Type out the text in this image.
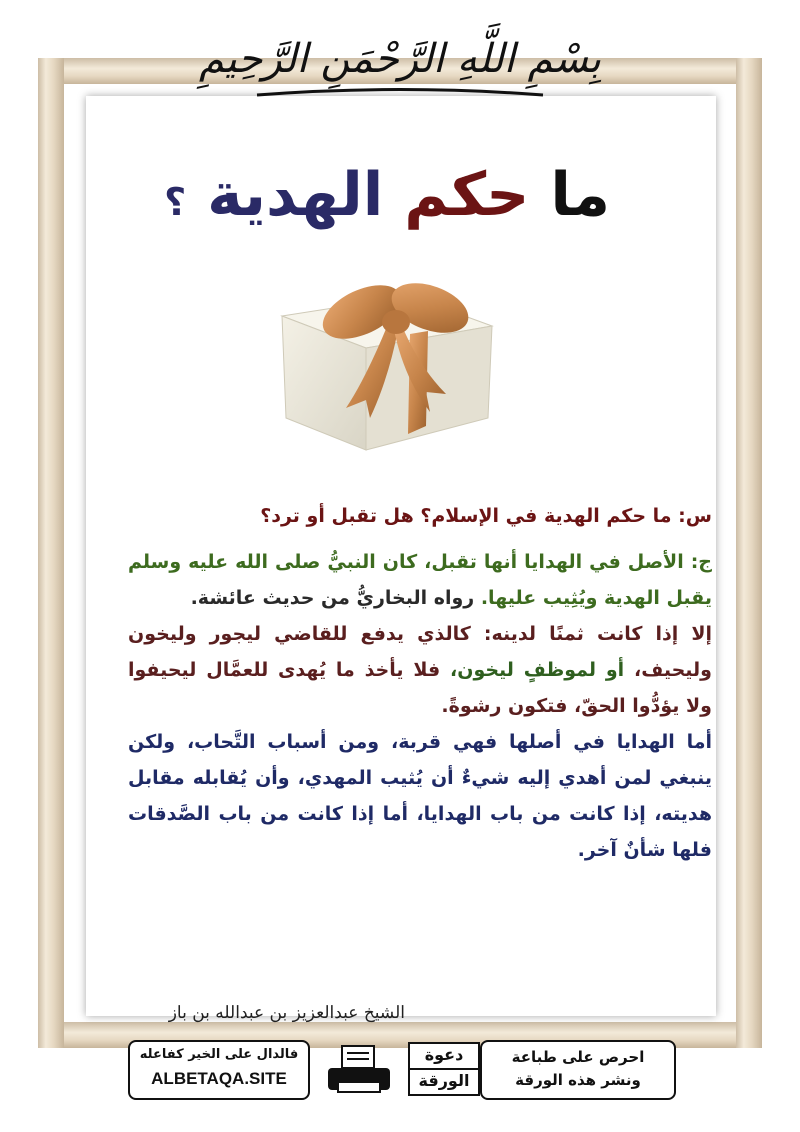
بِسْمِ اللَّهِ الرَّحْمَنِ الرَّحِيمِ
ما حكم الهدية ؟
س: ما حكم الهدية في الإسلام؟ هل تقبل أو ترد؟
ج: الأصل في الهدايا أنها تقبل، كان النبيُّ صلى الله عليه وسلم يقبل الهدية ويُثِيب عليها. رواه البخاريُّ من حديث عائشة.
إلا إذا كانت ثمنًا لدينه: كالذي يدفع للقاضي ليجور وليخون وليحيف، أو لموظفٍ ليخون، فلا يأخذ ما يُهدى للعمَّال ليحيفوا ولا يؤدُّوا الحقّ، فتكون رشوةً.
أما الهدايا في أصلها فهي قربة، ومن أسباب التَّحاب، ولكن ينبغي لمن أهدي إليه شيءٌ أن يُثيب المهدي، وأن يُقابله مقابل هديته، إذا كانت من باب الهدايا، أما إذا كانت من باب الصَّدقات فلها شأنٌ آخر.
الشيخ عبدالعزيز بن عبدالله بن باز
فالدال على الخير كفاعله
ALBETAQA.SITE
دعوة
الورقة
احرص على طباعة
ونشر هذه الورقة
